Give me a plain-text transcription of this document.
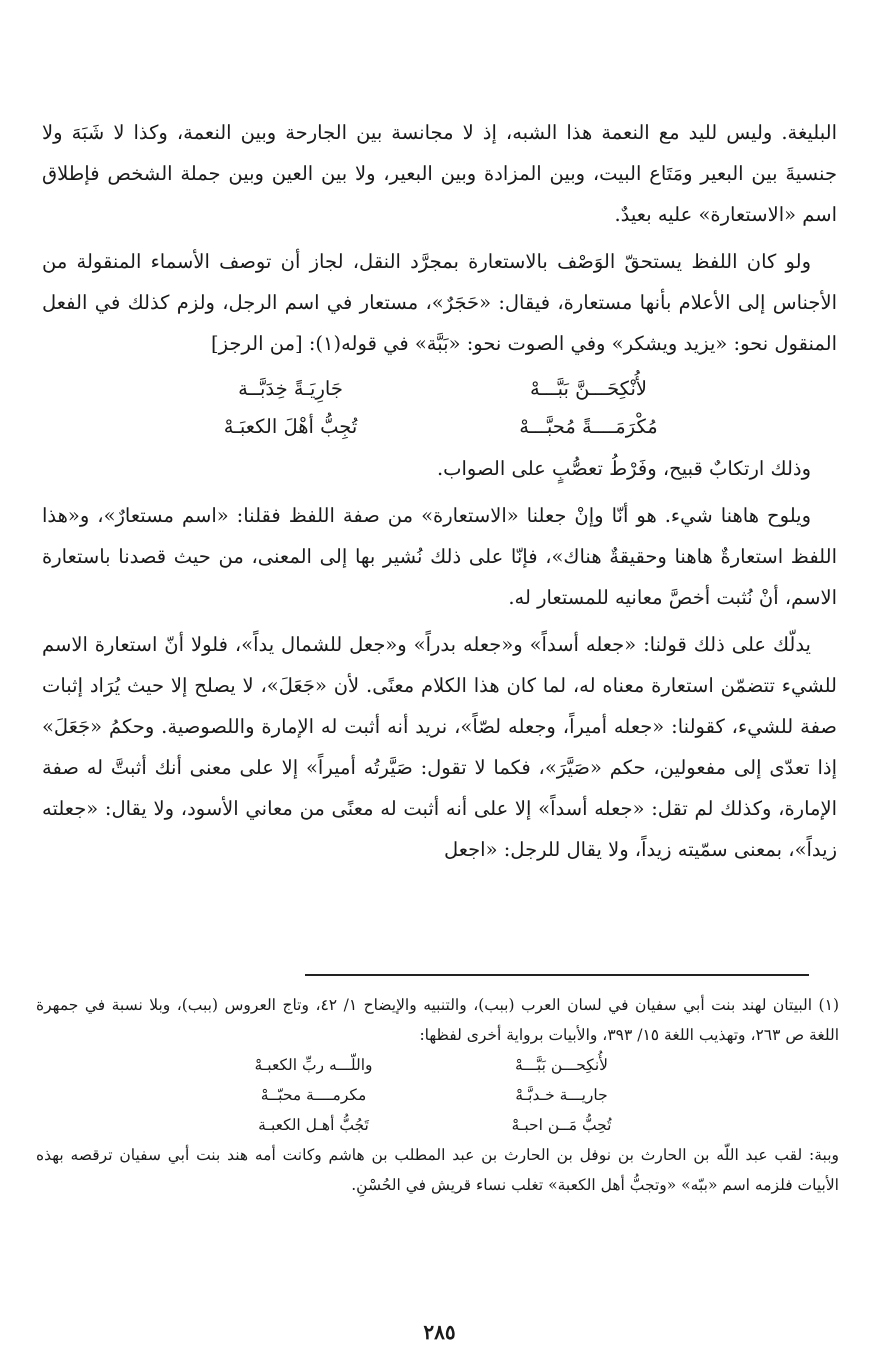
البليغة. وليس لليد مع النعمة هذا الشبه، إذ لا مجانسة بين الجارحة وبين النعمة، وكذا لا شَبَهَ ولا جنسيةَ بين البعير ومَتَاع البيت، وبين المزادة وبين البعير، ولا بين العين وبين جملة الشخص فإطلاق اسم «الاستعارة» عليه بعيدٌ.

ولو كان اللفظ يستحقّ الوَصْف بالاستعارة بمجرَّد النقل، لجاز أن توصف الأسماء المنقولة من الأجناس إلى الأعلام بأنها مستعارة، فيقال: «حَجَرٌ»، مستعار في اسم الرجل، ولزم كذلك في الفعل المنقول نحو: «يزيد ويشكر» وفي الصوت نحو: «بَبَّة» في قوله(١): [من الرجز]

لأُنْكِحَـــنَّ بَبَّـــهْ
جَارِيَـةً خِدَبَّــة
مُكْرَمَــــةً مُحبَّـــهْ
تُجِبُّ أهْلَ الكعبَـهْ

وذلك ارتكابٌ قبيح، وفَرْطُ تعصُّبٍ على الصواب.

ويلوح هاهنا شيء. هو أنّا وإنْ جعلنا «الاستعارة» من صفة اللفظ فقلنا: «اسم مستعارٌ»، و«هذا اللفظ استعارةٌ هاهنا وحقيقةٌ هناك»، فإنّا على ذلك نُشير بها إلى المعنى، من حيث قصدنا باستعارة الاسم، أنْ نُثبت أخصَّ معانيه للمستعار له.

يدلّك على ذلك قولنا: «جعله أسداً» و«جعله بدراً» و«جعل للشمال يداً»، فلولا أنّ استعارة الاسم للشيء تتضمّن استعارة معناه له، لما كان هذا الكلام معنًى. لأن «جَعَلَ»، لا يصلح إلا حيث يُرَاد إثبات صفة للشيء، كقولنا: «جعله أميراً، وجعله لصّاً»، نريد أنه أثبت له الإمارة واللصوصية. وحكمُ «جَعَلَ» إذا تعدّى إلى مفعولين، حكم «صَيَّرَ»، فكما لا تقول: صَيَّرتُه أميراً» إلا على معنى أنك أثبتَّ له صفة الإمارة، وكذلك لم تقل: «جعله أسداً» إلا على أنه أثبت له معنًى من معاني الأسود، ولا يقال: «جعلته زيداً»، بمعنى سمّيته زيداً، ولا يقال للرجل: «اجعل

(١) البيتان لهند بنت أبي سفيان في لسان العرب (ببب)، والتنبيه والإيضاح ١/ ٤٢، وتاج العروس (ببب)، وبلا نسبة في جمهرة اللغة ص ٢٦٣، وتهذيب اللغة ١٥/ ٣٩٣، والأبيات برواية أخرى لفظها:

لأُنكِحـــن بَبَّـــهْ
واللّـــه ربِّ الكعبـهْ
جاريـــة خـدبَّـهْ
مكرمــــة محبّــهْ
تُحِبُّ مَــن احبـهْ
تَجُبُّ أهـل الكعبـة

وببة: لقب عبد اللّه بن الحارث بن نوفل بن الحارث بن عبد المطلب بن هاشم وكانت أمه هند بنت أبي سفيان ترقصه بهذه الأبيات فلزمه اسم «ببّه» «وتجبُّ أهل الكعبة» تغلب نساء قريش في الحُسْنِ.

٢٨٥
